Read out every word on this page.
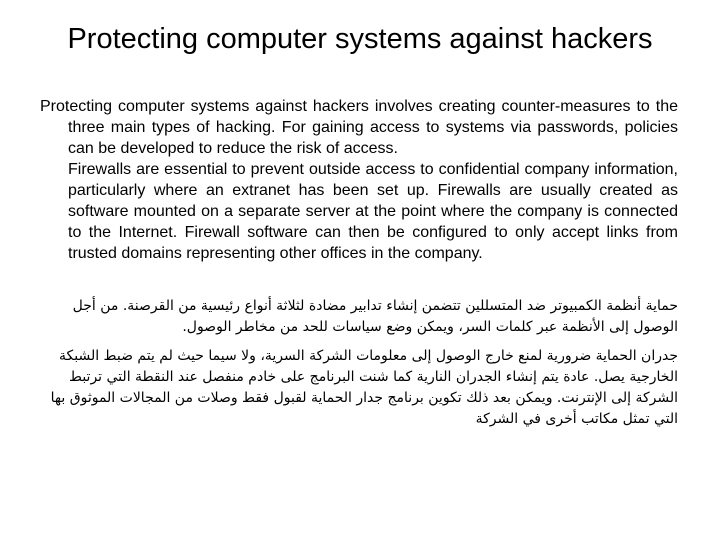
Protecting computer systems against hackers

Protecting computer systems against hackers involves creating counter-measures to the three main types of hacking. For gaining access to systems via passwords, policies can be developed to reduce the risk of access.

Firewalls are essential to prevent outside access to confidential company information, particularly where an extranet has been set up. Firewalls are usually created as software mounted on a separate server at the point where the company is connected to the Internet. Firewall software can then be configured to only accept links from trusted domains representing other offices in the company.

حماية أنظمة الكمبيوتر ضد المتسللين تتضمن إنشاء تدابير مضادة لثلاثة أنواع رئيسية من القرصنة. من أجل الوصول إلى الأنظمة عبر كلمات السر، ويمكن وضع سياسات للحد من مخاطر الوصول.

جدران الحماية ضرورية لمنع خارج الوصول إلى معلومات الشركة السرية، ولا سيما حيث لم يتم ضبط الشبكة الخارجية يصل. عادة يتم إنشاء الجدران النارية كما شنت البرنامج على خادم منفصل عند النقطة التي ترتبط الشركة إلى الإنترنت. ويمكن بعد ذلك تكوين برنامج جدار الحماية لقبول فقط وصلات من المجالات الموثوق بها التي تمثل مكاتب أخرى في الشركة
